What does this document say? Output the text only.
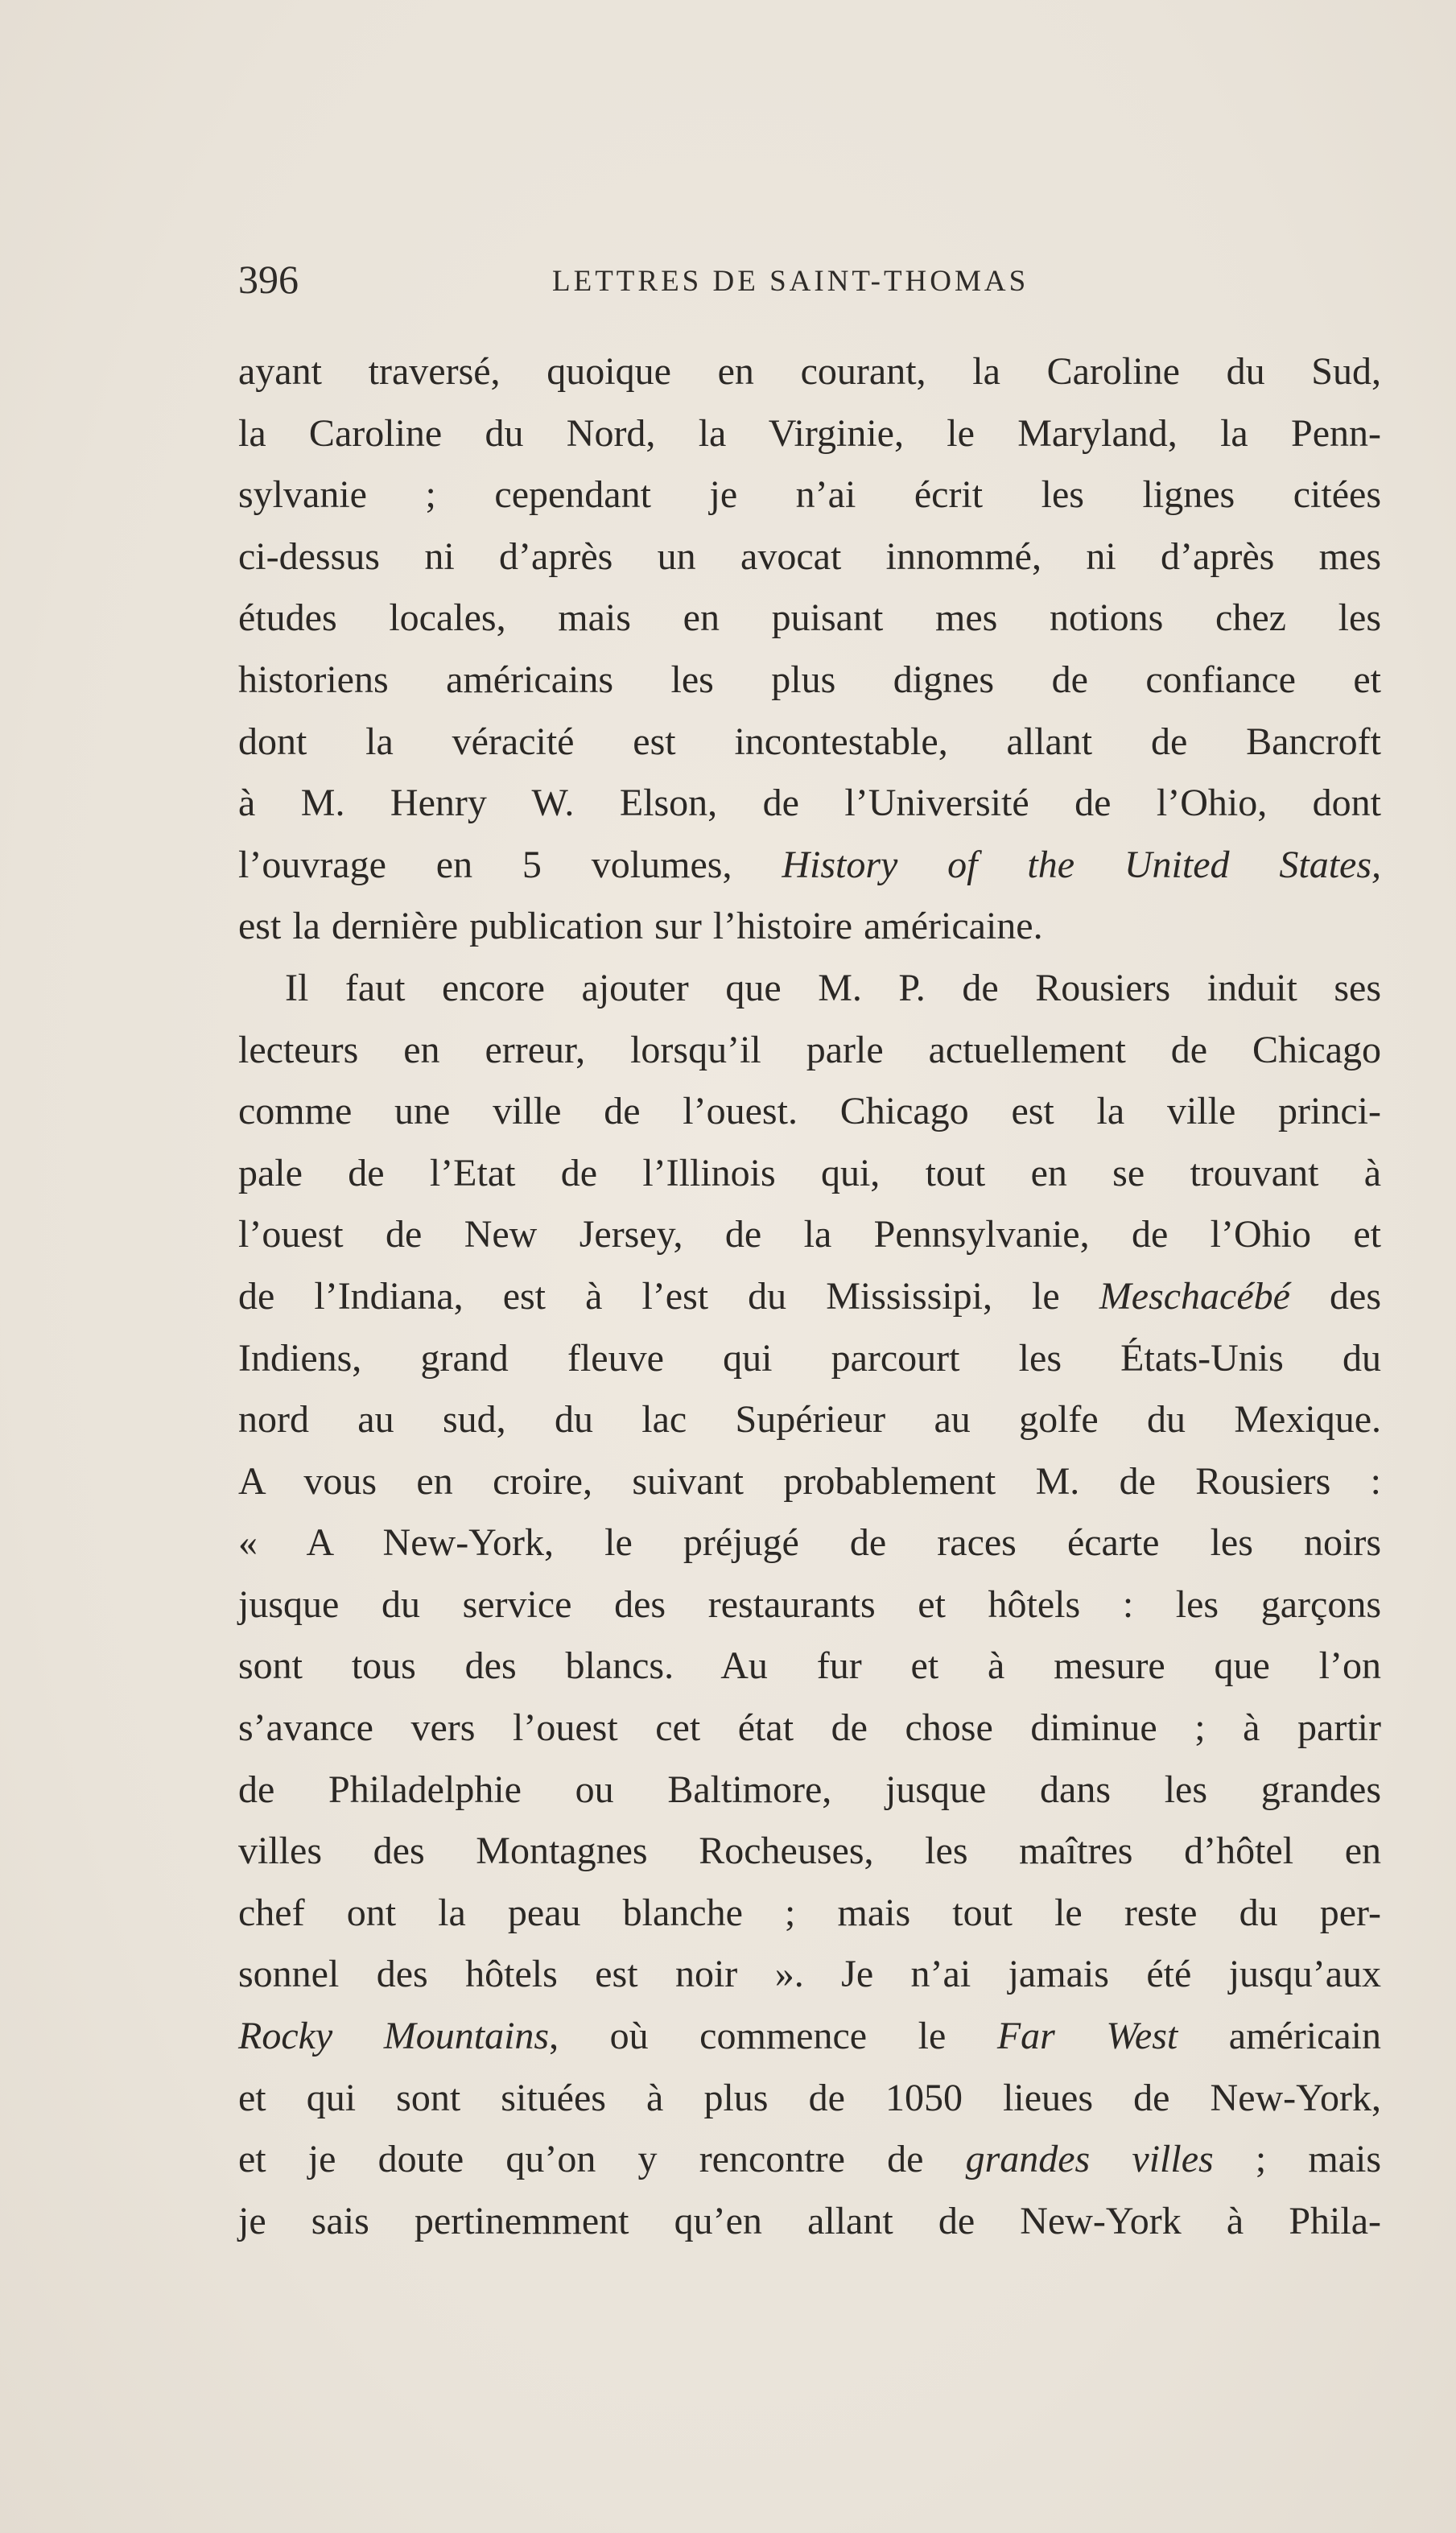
396	LETTRES DE SAINT-THOMAS
ayant traversé, quoique en courant, la Caroline du Sud,
la Caroline du Nord, la Virginie, le Maryland, la Penn-
sylvanie ; cependant je n’ai écrit les lignes citées
ci-dessus ni d’après un avocat innommé, ni d’après mes
études locales, mais en puisant mes notions chez les
historiens américains les plus dignes de confiance et
dont la véracité est incontestable, allant de Bancroft
à M. Henry W. Elson, de l’Université de l’Ohio, dont
l’ouvrage en 5 volumes, History of the United States,
est la dernière publication sur l’histoire américaine.
Il faut encore ajouter que M. P. de Rousiers induit ses
lecteurs en erreur, lorsqu’il parle actuellement de Chicago
comme une ville de l’ouest. Chicago est la ville princi-
pale de l’Etat de l’Illinois qui, tout en se trouvant à
l’ouest de New Jersey, de la Pennsylvanie, de l’Ohio et
de l’Indiana, est à l’est du Mississipi, le Meschacébé des
Indiens, grand fleuve qui parcourt les États-Unis du
nord au sud, du lac Supérieur au golfe du Mexique.
A vous en croire, suivant probablement M. de Rousiers :
« A New-York, le préjugé de races écarte les noirs
jusque du service des restaurants et hôtels : les garçons
sont tous des blancs. Au fur et à mesure que l’on
s’avance vers l’ouest cet état de chose diminue ; à partir
de Philadelphie ou Baltimore, jusque dans les grandes
villes des Montagnes Rocheuses, les maîtres d’hôtel en
chef ont la peau blanche ; mais tout le reste du per-
sonnel des hôtels est noir ». Je n’ai jamais été jusqu’aux
Rocky Mountains, où commence le Far West américain
et qui sont situées à plus de 1050 lieues de New-York,
et je doute qu’on y rencontre de grandes villes ; mais
je sais pertinemment qu’en allant de New-York à Phila-
